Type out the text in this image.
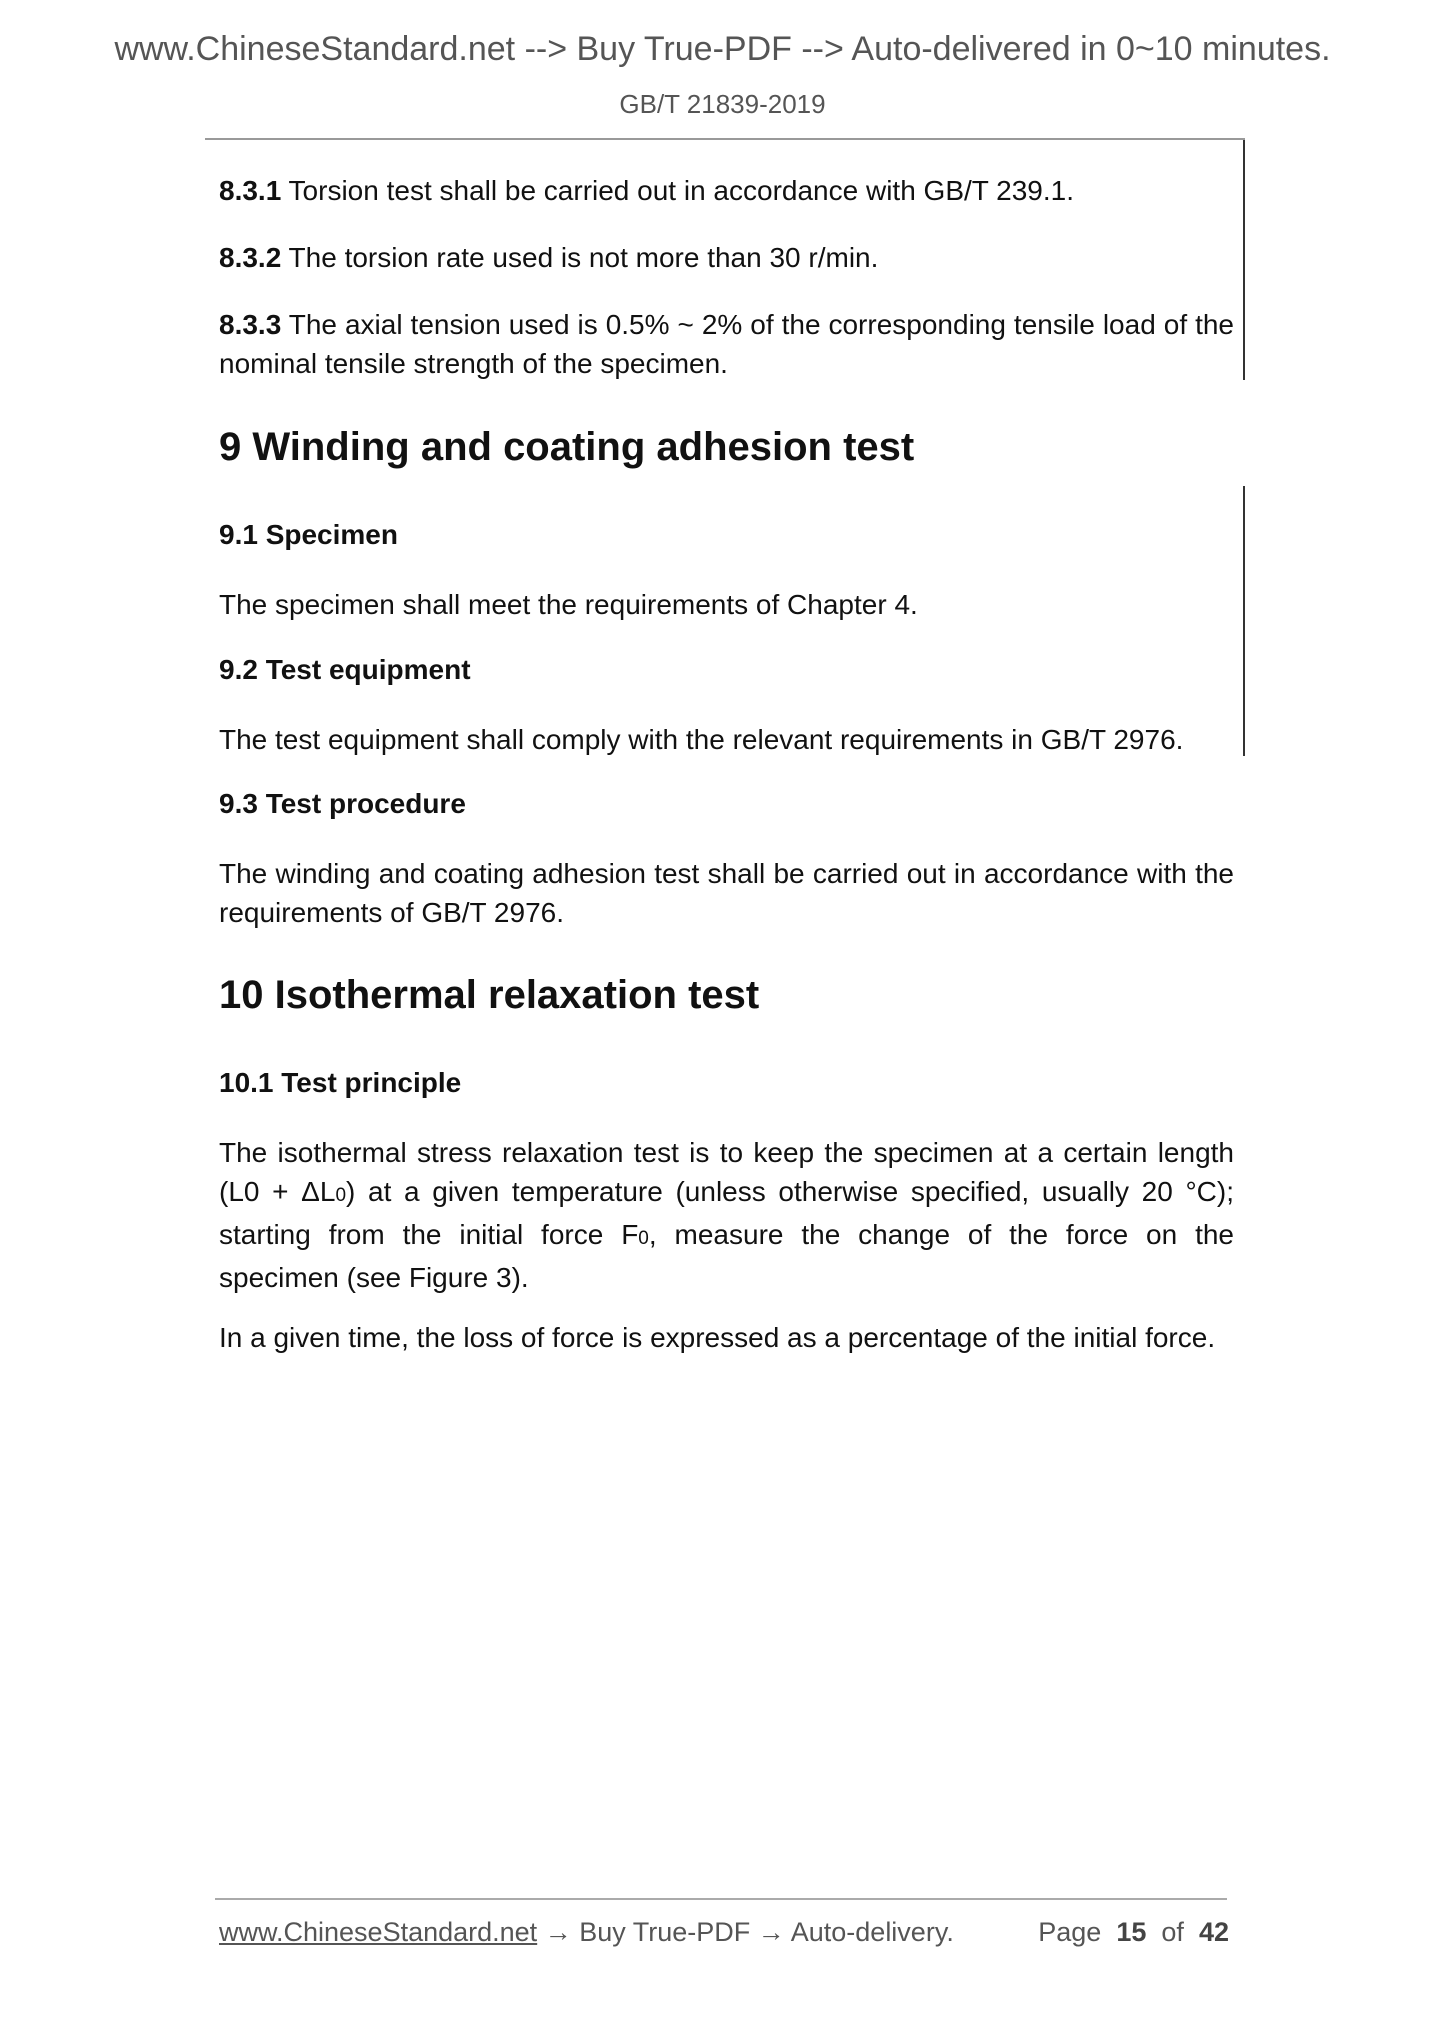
www.ChineseStandard.net --> Buy True-PDF --> Auto-delivered in 0~10 minutes.
GB/T 21839-2019
8.3.1 Torsion test shall be carried out in accordance with GB/T 239.1.
8.3.2 The torsion rate used is not more than 30 r/min.
8.3.3 The axial tension used is 0.5% ~ 2% of the corresponding tensile load of the nominal tensile strength of the specimen.
9 Winding and coating adhesion test
9.1 Specimen
The specimen shall meet the requirements of Chapter 4.
9.2 Test equipment
The test equipment shall comply with the relevant requirements in GB/T 2976.
9.3 Test procedure
The winding and coating adhesion test shall be carried out in accordance with the requirements of GB/T 2976.
10 Isothermal relaxation test
10.1 Test principle
The isothermal stress relaxation test is to keep the specimen at a certain length
(L0 + ΔL0) at a given temperature (unless otherwise specified, usually 20 °C);
starting from the initial force F0, measure the change of the force on the
specimen (see Figure 3).
In a given time, the loss of force is expressed as a percentage of the initial force.
www.ChineseStandard.net → Buy True-PDF → Auto-delivery.	Page 15 of 42
